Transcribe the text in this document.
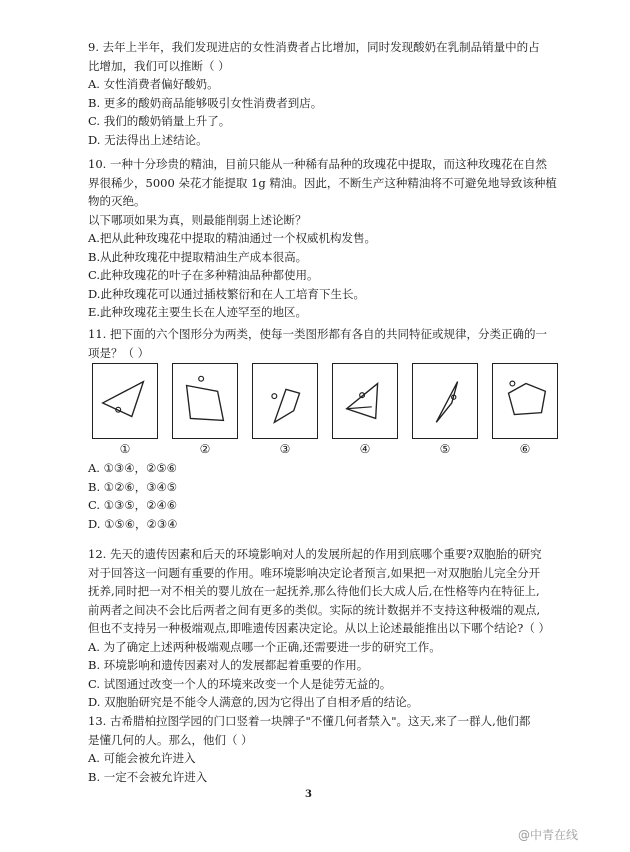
9. 去年上半年，我们发现进店的女性消费者占比增加，同时发现酸奶在乳制品销量中的占
比增加，我们可以推断（ ）
A. 女性消费者偏好酸奶。
B. 更多的酸奶商品能够吸引女性消费者到店。
C. 我们的酸奶销量上升了。
D. 无法得出上述结论。
10. 一种十分珍贵的精油，目前只能从一种稀有品种的玫瑰花中提取，而这种玫瑰花在自然
界很稀少，5000 朵花才能提取 1g 精油。因此，不断生产这种精油将不可避免地导致该种植
物的灭绝。
以下哪项如果为真，则最能削弱上述论断？
A.把从此种玫瑰花中提取的精油通过一个权威机构发售。
B.从此种玫瑰花中提取精油生产成本很高。
C.此种玫瑰花的叶子在多种精油品种都使用。
D.此种玫瑰花可以通过插枝繁衍和在人工培育下生长。
E.此种玫瑰花主要生长在人迹罕至的地区。
11. 把下面的六个图形分为两类，使每一类图形都有各自的共同特征或规律，分类正确的一
项是？（ ）
①	②	③	④	⑤	⑥
A. ①③④，②⑤⑥
B. ①②⑥，③④⑤
C. ①③⑤，②④⑥
D. ①⑤⑥，②③④
12. 先天的遗传因素和后天的环境影响对人的发展所起的作用到底哪个重要?双胞胎的研究
对于回答这一问题有重要的作用。唯环境影响决定论者预言,如果把一对双胞胎儿完全分开
抚养,同时把一对不相关的婴儿放在一起抚养,那么待他们长大成人后,在性格等内在特征上,
前两者之间决不会比后两者之间有更多的类似。实际的统计数据并不支持这种极端的观点,
但也不支持另一种极端观点,即唯遗传因素决定论。从以上论述最能推出以下哪个结论?（ ）
A. 为了确定上述两种极端观点哪一个正确,还需要进一步的研究工作。
B. 环境影响和遗传因素对人的发展都起着重要的作用。
C. 试图通过改变一个人的环境来改变一个人是徒劳无益的。
D. 双胞胎研究是不能令人满意的,因为它得出了自相矛盾的结论。
13. 古希腊柏拉图学园的门口竖着一块牌子"不懂几何者禁入"。这天,来了一群人,他们都
是懂几何的人。那么，他们（ ）
A. 可能会被允许进入
B. 一定不会被允许进入
3
@中青在线
